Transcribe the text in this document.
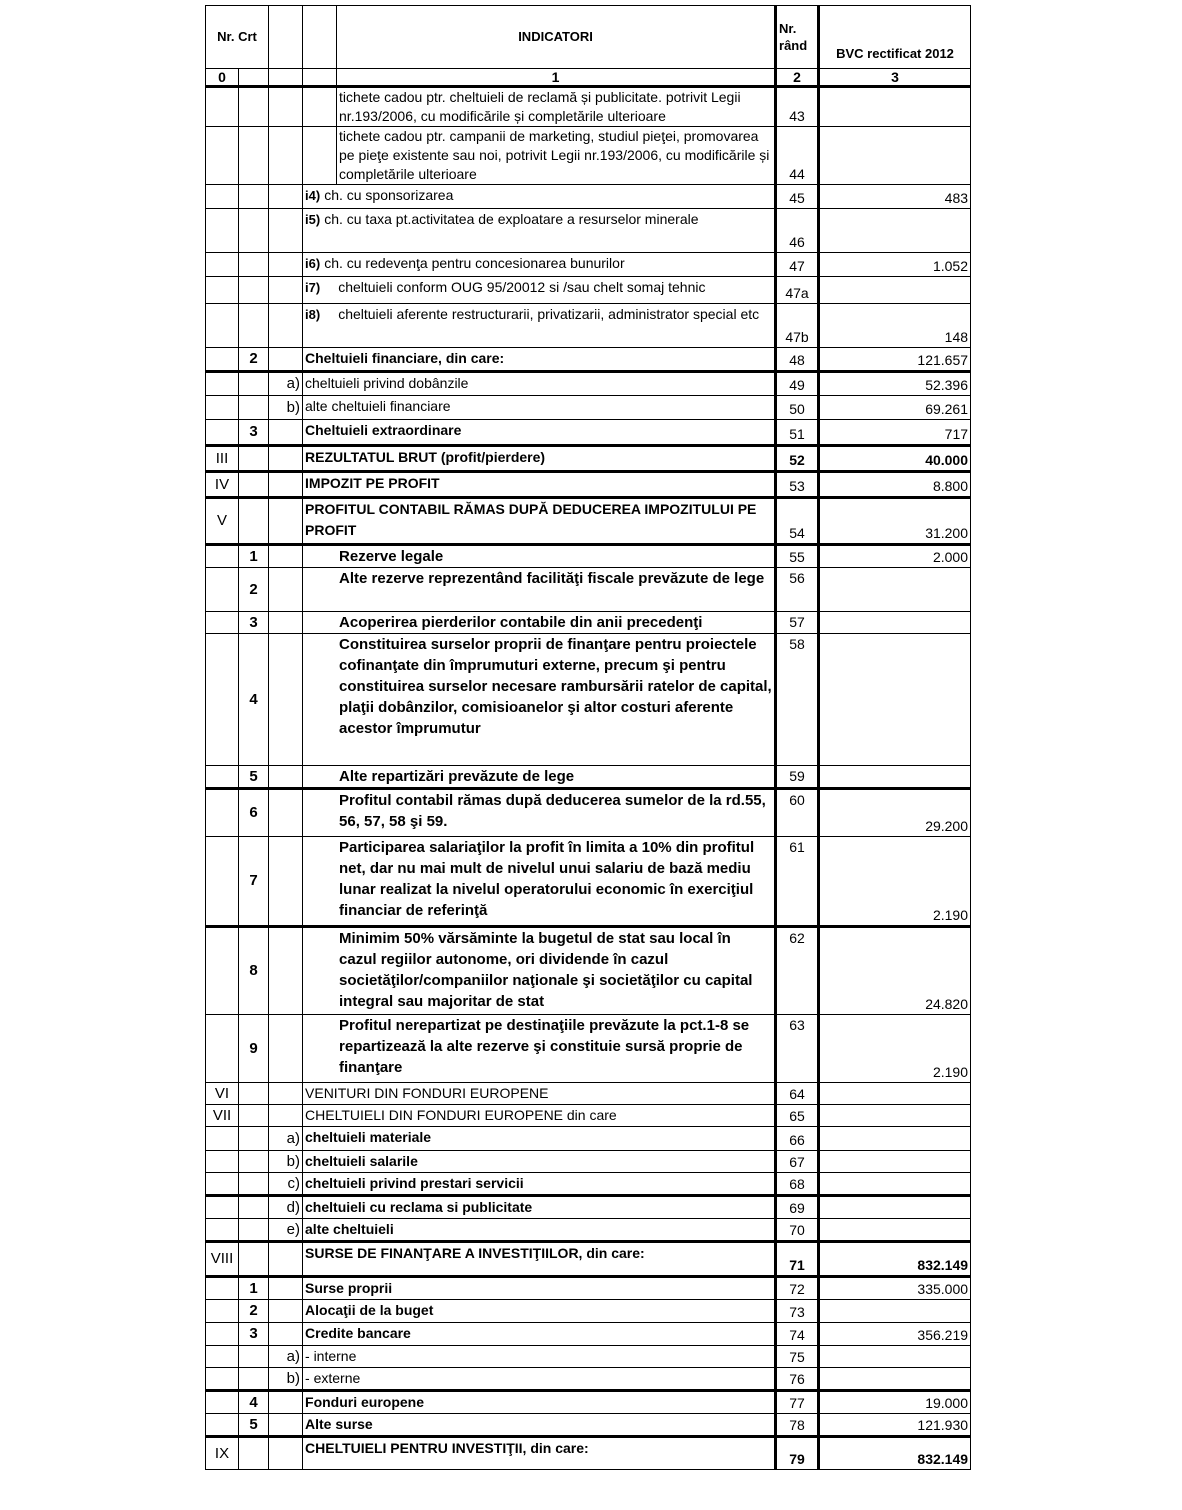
Nr. Crt				INDICATORI	Nr. rând	BVC rectificat 2012
0				1	2	3
				tichete cadou ptr. cheltuieli de reclamă și publicitate. potrivit Legii nr.193/2006, cu modificările și completările ulterioare	43	
				tichete cadou ptr. campanii de marketing, studiul pieţei, promovarea pe pieţe existente sau noi, potrivit Legii nr.193/2006, cu modificările și completările ulterioare	44	
			i4) ch. cu sponsorizarea		45	483
			i5) ch. cu taxa pt.activitatea de exploatare a resurselor minerale		46	
			i6) ch. cu redevenţa pentru concesionarea bunurilor		47	1.052
			i7) cheltuieli conform OUG 95/20012 si /sau chelt somaj tehnic		47a	
			i8) cheltuieli aferente restructurarii, privatizarii, administrator special etc		47b	148
	2		Cheltuieli financiare, din care:		48	121.657
		a)	cheltuieli privind dobânzile		49	52.396
		b)	alte cheltuieli financiare		50	69.261
	3		Cheltuieli extraordinare		51	717
III			REZULTATUL BRUT (profit/pierdere)		52	40.000
IV			IMPOZIT PE PROFIT		53	8.800
V			PROFITUL CONTABIL RĂMAS DUPĂ DEDUCEREA IMPOZITULUI PE PROFIT		54	31.200
	1		Rezerve legale		55	2.000
	2		Alte rezerve reprezentând facilităţi fiscale prevăzute de lege		56	
	3		Acoperirea pierderilor contabile din anii precedenţi		57	
	4		Constituirea surselor proprii de finanţare pentru proiectele cofinanţate din împrumuturi externe, precum şi pentru constituirea surselor necesare rambursării ratelor de capital, plaţii dobânzilor, comisioanelor şi altor costuri aferente acestor împrumutur		58	
	5		Alte repartizări prevăzute de lege		59	
	6		Profitul contabil rămas după deducerea sumelor de la rd.55, 56, 57, 58 şi 59.		60	29.200
	7		Participarea salariaţilor la profit în limita a 10% din profitul net, dar nu mai mult de nivelul unui salariu de bază mediu lunar realizat la nivelul operatorului economic în exerciţiul financiar de referinţă		61	2.190
	8		Minimim 50% vărsăminte la bugetul de stat sau local în cazul regiilor autonome, ori dividende în cazul societăţilor/companiilor naţionale şi societăţilor cu capital integral sau majoritar de stat		62	24.820
	9		Profitul nerepartizat pe destinaţiile prevăzute la pct.1-8 se repartizează la alte rezerve şi constituie sursă proprie de finanţare		63	2.190
VI			VENITURI DIN FONDURI EUROPENE		64	
VII			CHELTUIELI DIN FONDURI EUROPENE din care		65	
		a)	cheltuieli materiale		66	
		b)	cheltuieli salarile		67	
		c)	cheltuieli privind prestari servicii		68	
		d)	cheltuieli cu reclama si publicitate		69	
		e)	alte cheltuieli		70	
VIII			SURSE DE FINANŢARE A INVESTIŢIILOR, din care:		71	832.149
	1		Surse proprii		72	335.000
	2		Alocaţii de la buget		73	
	3		Credite bancare		74	356.219
		a)	- interne		75	
		b)	- externe		76	
	4		Fonduri europene		77	19.000
	5		Alte surse		78	121.930
IX			CHELTUIELI PENTRU INVESTIŢII, din care:		79	832.149
